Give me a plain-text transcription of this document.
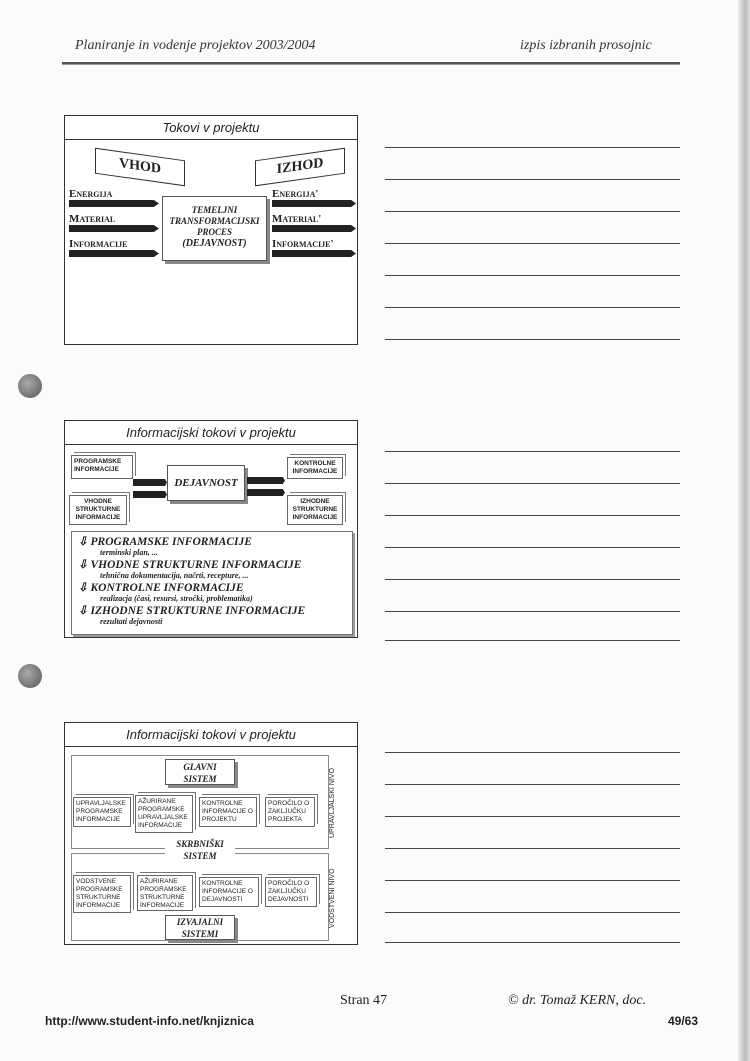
Planiranje in vodenje projektov 2003/2004	izpis izbranih prosojnic
Tokovi v projektu
VHOD	IZHOD
Energija
Material
Informacije
TEMELJNI
TRANSFORMACIJSKI
PROCES
(DEJAVNOST)
Energija'
Material'
Informacije'
Informacijski tokovi v projektu
PROGRAMSKE INFORMACIJE
VHODNE STRUKTURNE INFORMACIJE
DEJAVNOST
KONTROLNE INFORMACIJE
IZHODNE STRUKTURNE INFORMACIJE
⇩ PROGRAMSKE INFORMACIJE
terminski plan, ...
⇩ VHODNE STRUKTURNE INFORMACIJE
tehnična dokumentacija, načrti, recepture, ...
⇩ KONTROLNE INFORMACIJE
realizacja (časi, resursi, stročki, problematika)
⇩ IZHODNE STRUKTURNE INFORMACIJE
rezultati dejavnosti
Informacijski tokovi v projektu
GLAVNI SISTEM
SKRBNIŠKI SISTEM
IZVAJALNI SISTEMI
UPRAVLJALSKE PROGRAMSKE INFORMACIJE
AŽURIRANE PROGRAMSKE UPRAVLJALSKE INFORMACIJE
KONTROLNE INFORMACIJE O PROJEKTU
POROČILO O ZAKLJUČKU PROJEKTA
VODSTVENE PROGRAMSKE STRUKTURNE INFORMACIJE
AŽURIRANE PROGRAMSKE STRUKTURNE INFORMACIJE
KONTROLNE INFORMACIJE O DEJAVNOSTI
POROČILO O ZAKLJUČKU DEJAVNOSTI
UPRAVLJALSKI NIVO
VODSTVENI NIVO
Stran 47	© dr. Tomaž KERN, doc.
http://www.student-info.net/knjiznica	49/63
